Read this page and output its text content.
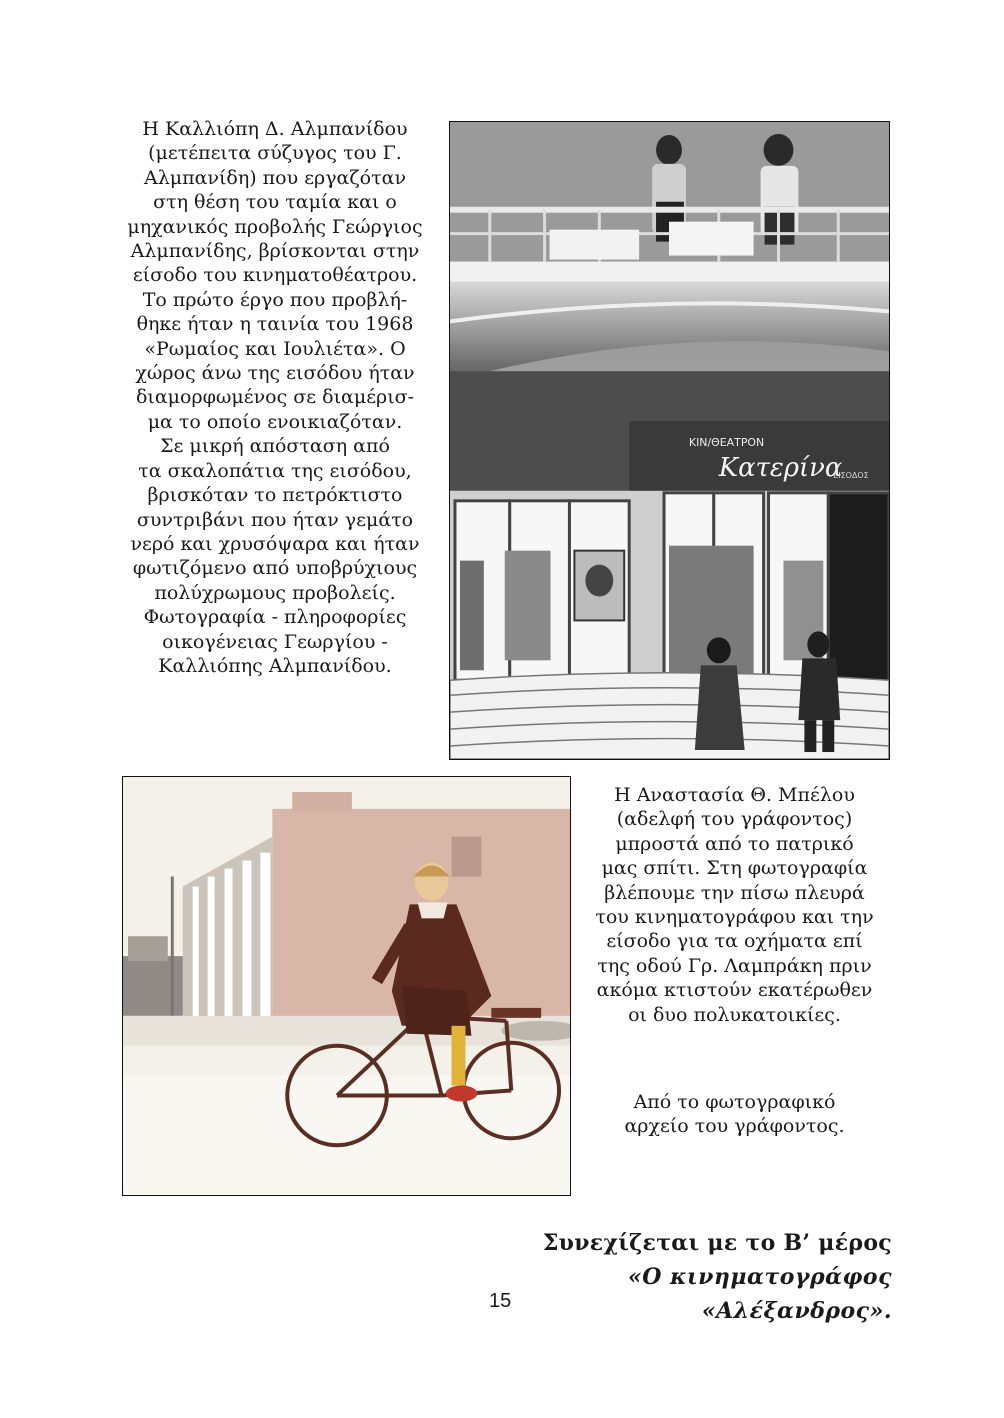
Η Καλλιόπη Δ. Αλμπανίδου
(μετέπειτα σύζυγος του Γ.
Αλμπανίδη) που εργαζόταν
στη θέση του ταμία και ο
μηχανικός προβολής Γεώργιος
Αλμπανίδης, βρίσκονται στην
είσοδο του κινηματοθέατρου.
Το πρώτο έργο που προβλή-
θηκε ήταν η ταινία του 1968
«Ρωμαίος και Ιουλιέτα». Ο
χώρος άνω της εισόδου ήταν
διαμορφωμένος σε διαμέρισ-
μα το οποίο ενοικιαζόταν.
Σε μικρή απόσταση από
τα σκαλοπάτια της εισόδου,
βρισκόταν το πετρόκτιστο
συντριβάνι που ήταν γεμάτο
νερό και χρυσόψαρα και ήταν
φωτιζόμενο από υποβρύχιους
πολύχρωμους προβολείς.
Φωτογραφία - πληροφορίες
οικογένειας Γεωργίου -
Καλλιόπης Αλμπανίδου.
ΚΙΝ/ΘΕΑΤΡΟΝ
Κατερίνα
ΕΙΣΟΔΟΣ
Η Αναστασία Θ. Μπέλου
(αδελφή του γράφοντος)
μπροστά από το πατρικό
μας σπίτι. Στη φωτογραφία
βλέπουμε την πίσω πλευρά
του κινηματογράφου και την
είσοδο για τα οχήματα επί
της οδού Γρ. Λαμπράκη πριν
ακόμα κτιστούν εκατέρωθεν
οι δυο πολυκατοικίες.
Από το φωτογραφικό
αρχείο του γράφοντος.
Συνεχίζεται με το Β’ μέρος
«Ο κινηματογράφος «Αλέξανδρος».
15
